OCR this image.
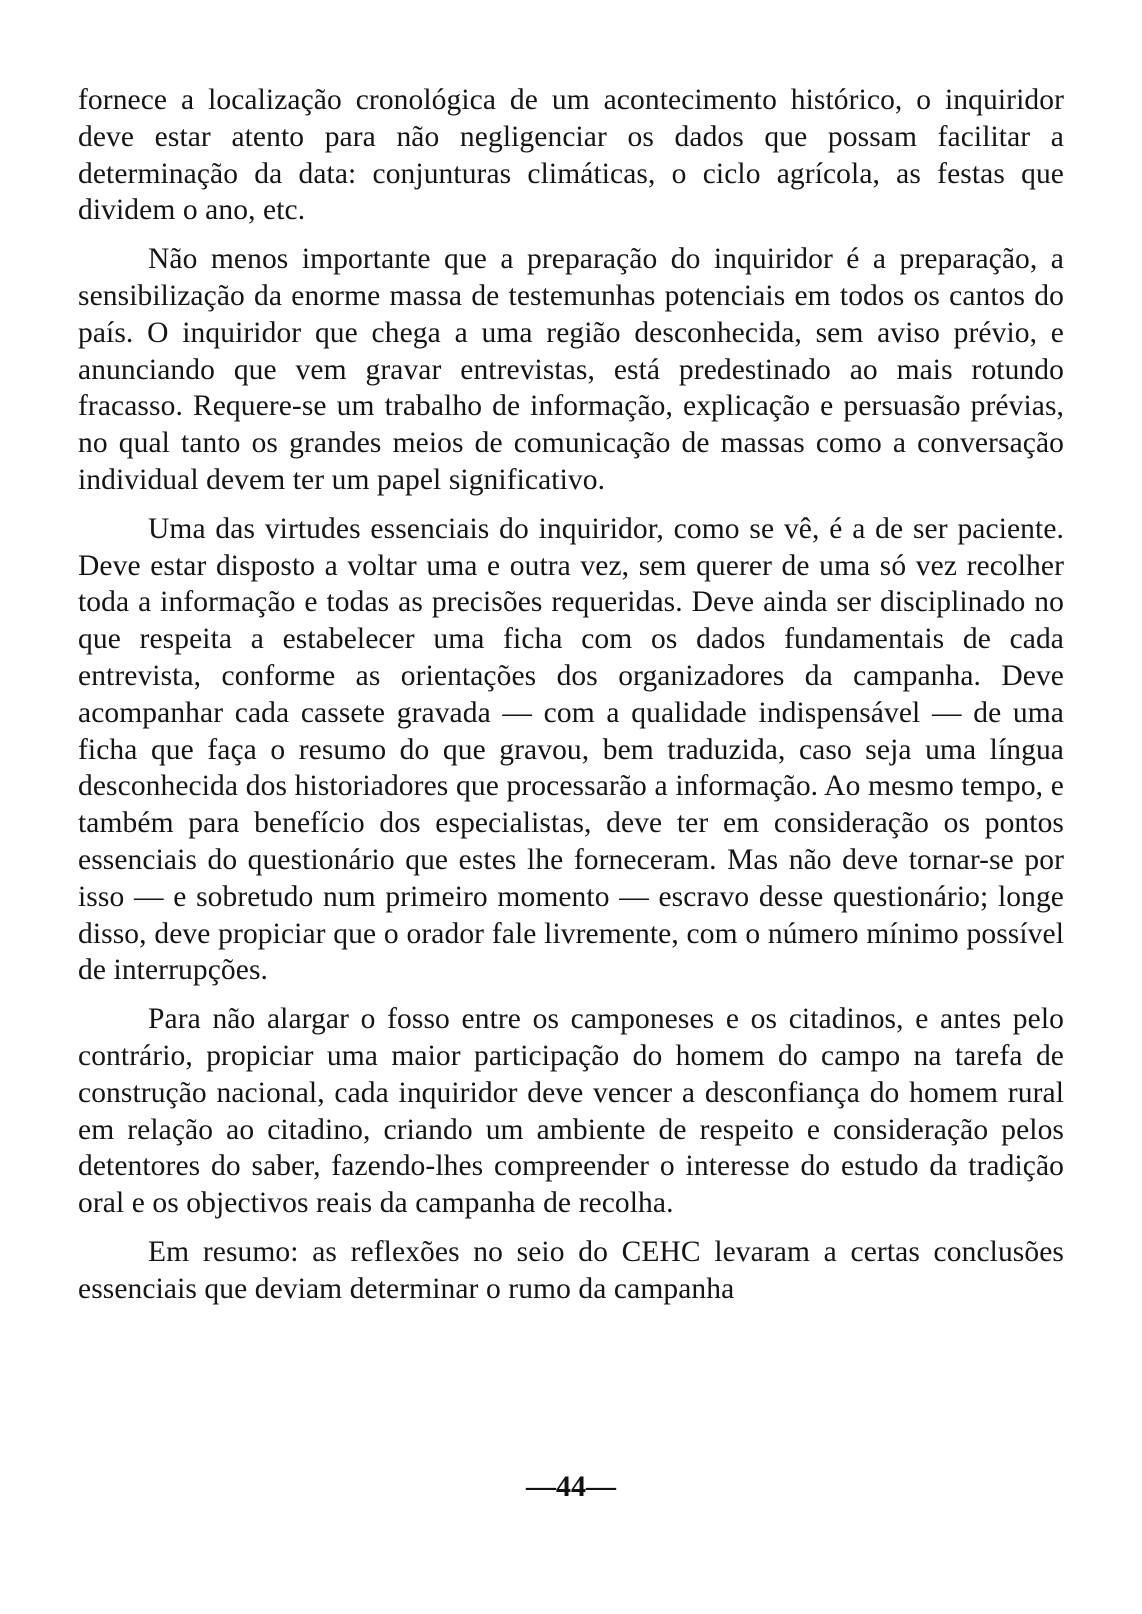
fornece a localização cronológica de um acontecimento histórico, o inquiridor deve estar atento para não negligenciar os dados que possam facilitar a determinação da data: conjunturas climáticas, o ciclo agrícola, as festas que dividem o ano, etc.

Não menos importante que a preparação do inquiridor é a preparação, a sensibilização da enorme massa de testemunhas potenciais em todos os cantos do país. O inquiridor que chega a uma região desconhecida, sem aviso prévio, e anunciando que vem gravar entrevistas, está predestinado ao mais rotundo fracasso. Requere-se um trabalho de informação, explicação e persuasão prévias, no qual tanto os grandes meios de comunicação de massas como a conversação individual devem ter um papel significativo.

Uma das virtudes essenciais do inquiridor, como se vê, é a de ser paciente. Deve estar disposto a voltar uma e outra vez, sem querer de uma só vez recolher toda a informação e todas as precisões requeridas. Deve ainda ser disciplinado no que respeita a estabelecer uma ficha com os dados fundamentais de cada entrevista, conforme as orientações dos organizadores da campanha. Deve acompanhar cada cassete gravada — com a qualidade indispensável — de uma ficha que faça o resumo do que gravou, bem traduzida, caso seja uma língua desconhecida dos historiadores que processarão a informação. Ao mesmo tempo, e também para benefício dos especialistas, deve ter em consideração os pontos essenciais do questionário que estes lhe forneceram. Mas não deve tornar-se por isso — e sobretudo num primeiro momento — escravo desse questionário; longe disso, deve propiciar que o orador fale livremente, com o número mínimo possível de interrupções.

Para não alargar o fosso entre os camponeses e os citadinos, e antes pelo contrário, propiciar uma maior participação do homem do campo na tarefa de construção nacional, cada inquiridor deve vencer a desconfiança do homem rural em relação ao citadino, criando um ambiente de respeito e consideração pelos detentores do saber, fazendo-lhes compreender o interesse do estudo da tradição oral e os objectivos reais da campanha de recolha.

Em resumo: as reflexões no seio do CEHC levaram a certas conclusões essenciais que deviam determinar o rumo da campanha

—44—
